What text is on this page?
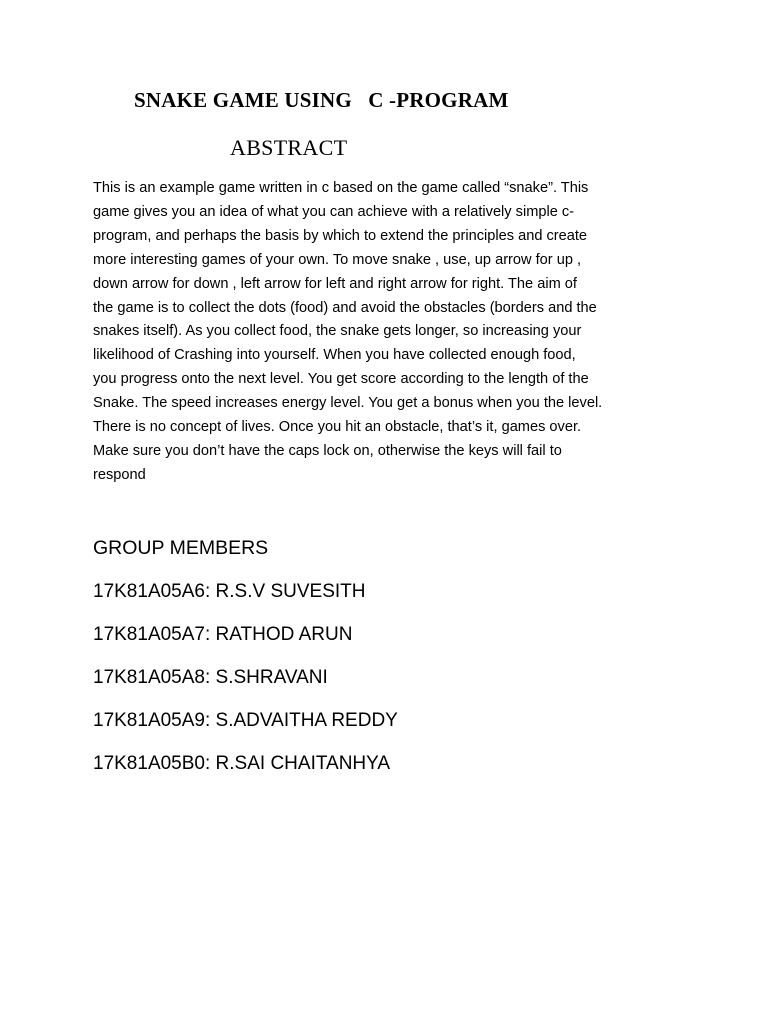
SNAKE GAME USING   C -PROGRAM
ABSTRACT

This is an example game written in c based on the game called “snake”. This
game gives you an idea of what you can achieve with a relatively simple c-
program, and perhaps the basis by which to extend the principles and create
more interesting games of your own. To move snake , use, up arrow for up ,
down arrow for down , left arrow for left and right arrow for right. The aim of
the game is to collect the dots (food) and avoid the obstacles (borders and the
snakes itself). As you collect food, the snake gets longer, so increasing your
likelihood of Crashing into yourself. When you have collected enough food,
you progress onto the next level. You get score according to the length of the
Snake. The speed increases energy level. You get a bonus when you the level.
There is no concept of lives. Once you hit an obstacle, that’s it, games over.
Make sure you don’t have the caps lock on, otherwise the keys will fail to
respond

GROUP MEMBERS
17K81A05A6: R.S.V SUVESITH
17K81A05A7: RATHOD ARUN
17K81A05A8: S.SHRAVANI
17K81A05A9: S.ADVAITHA REDDY
17K81A05B0: R.SAI CHAITANHYA
